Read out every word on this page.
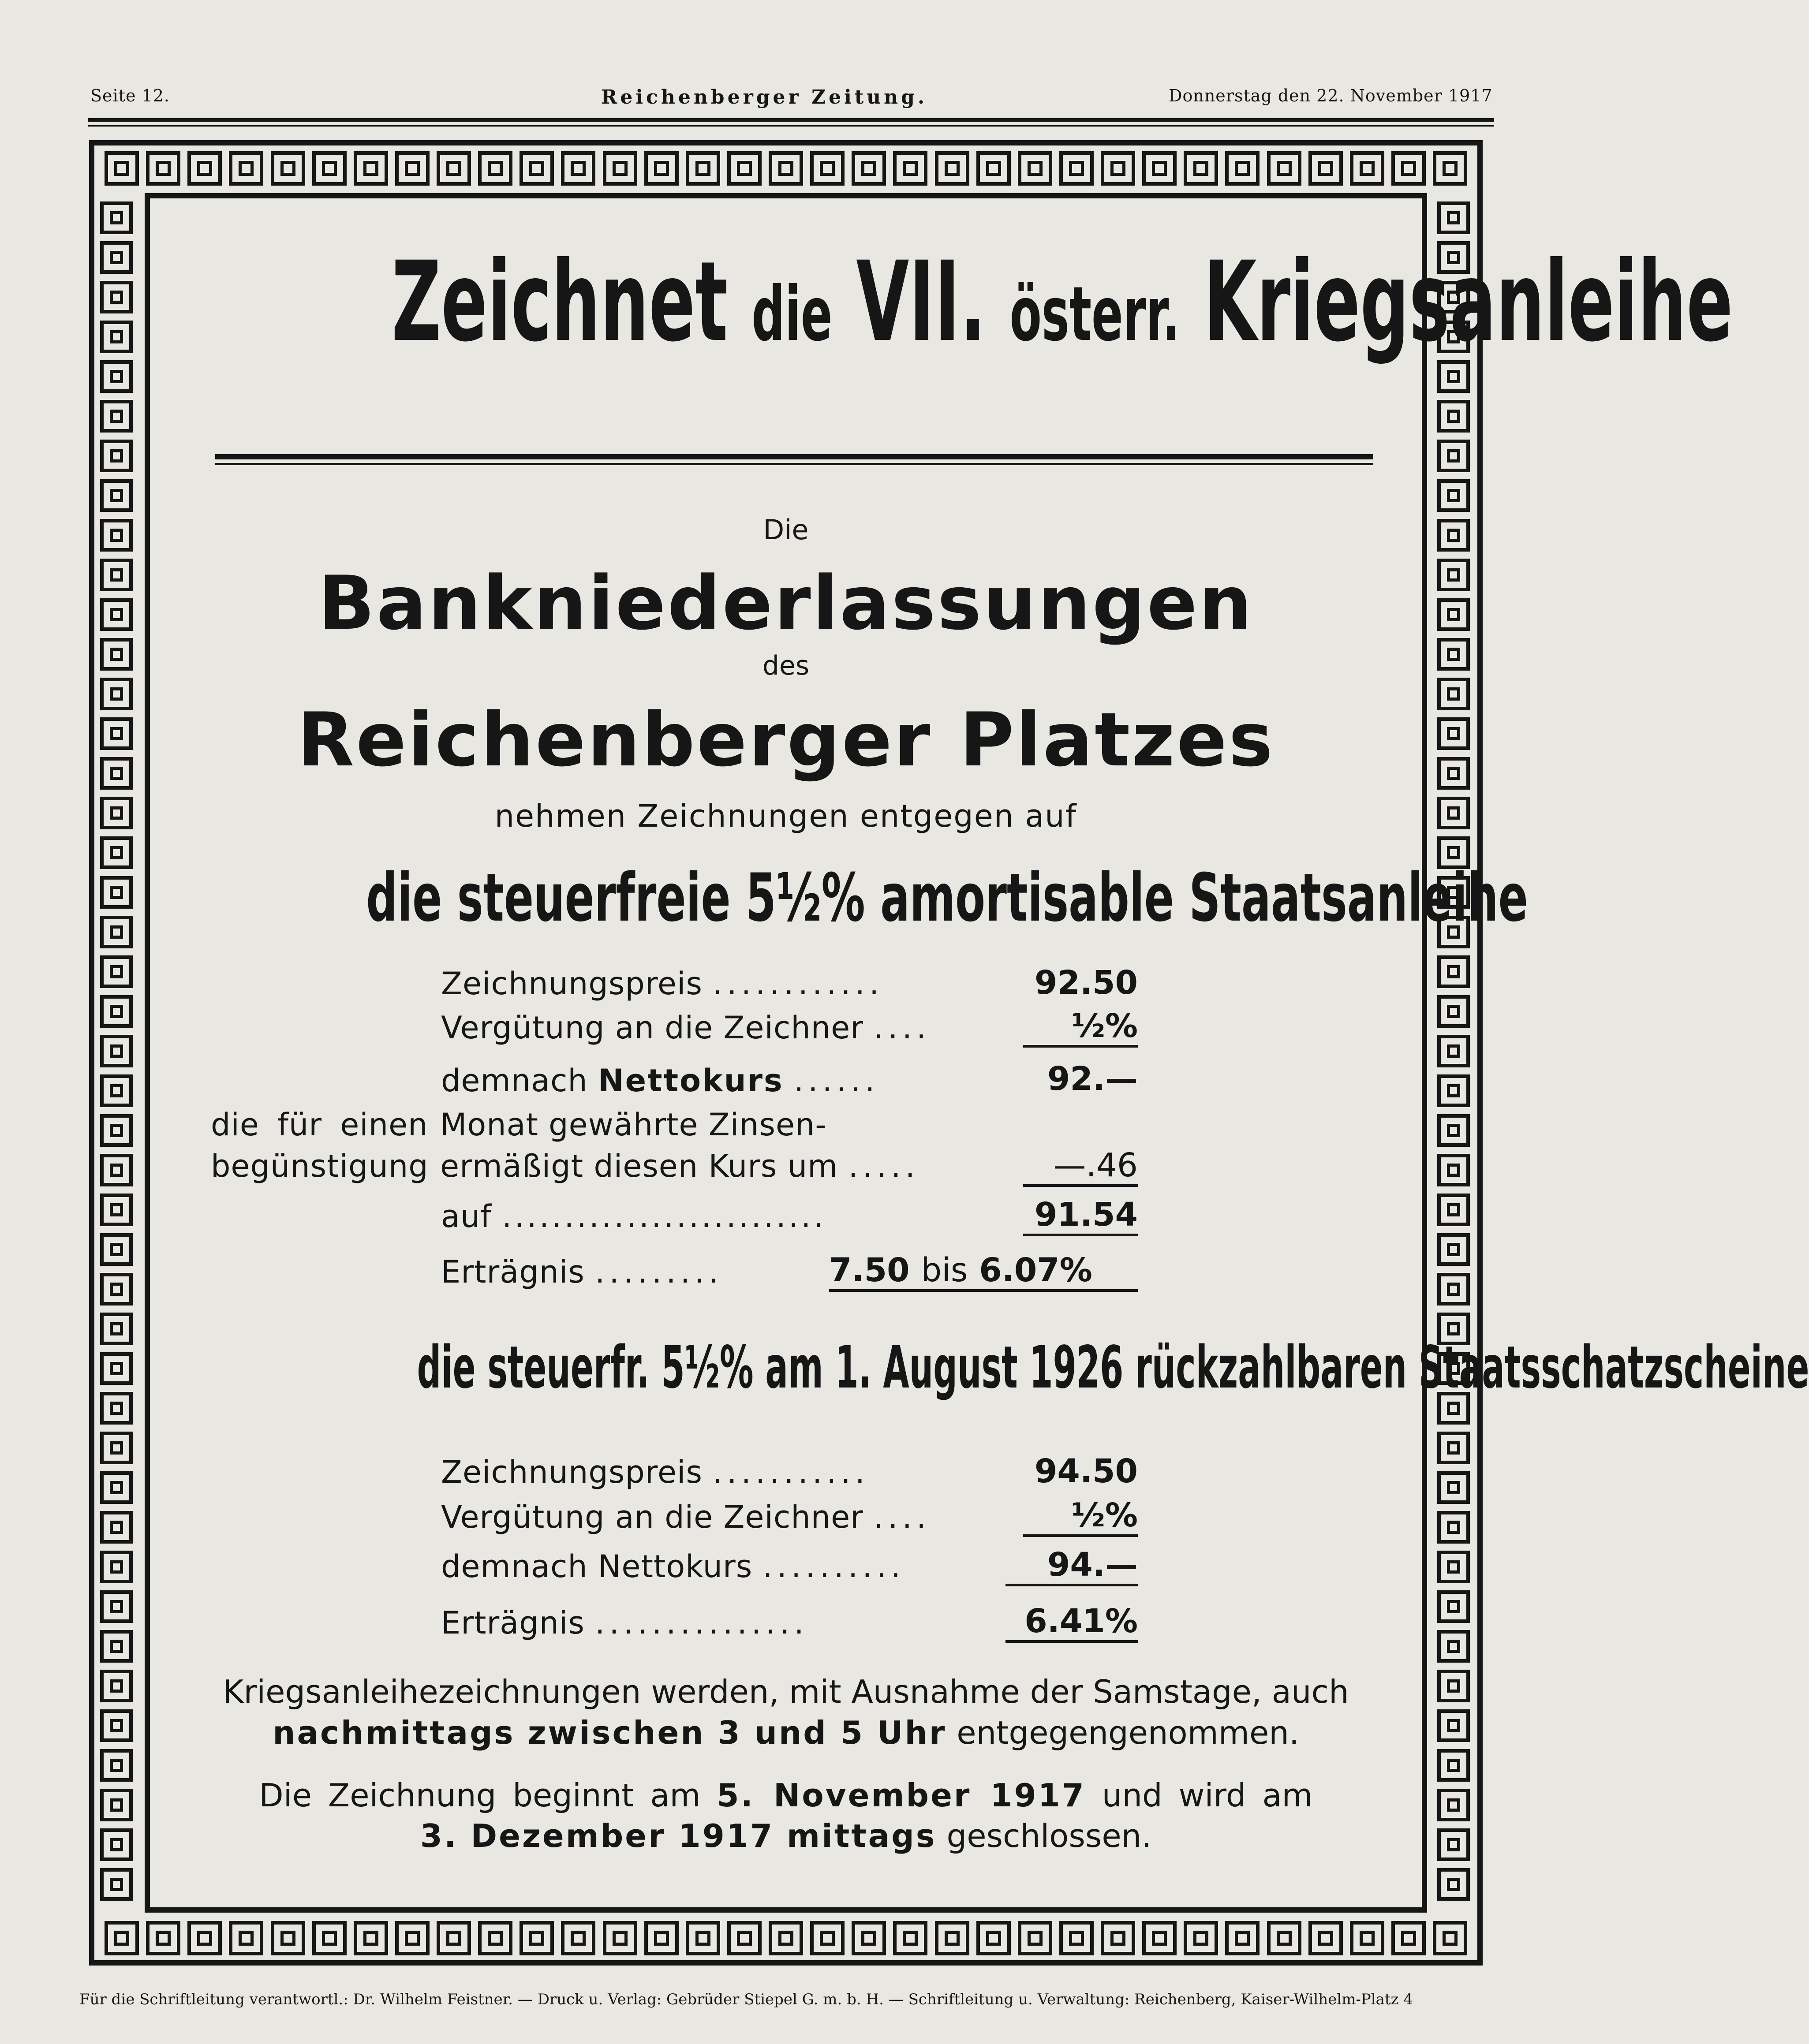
Seite 12.	Reichenberger Zeitung.	Donnerstag den 22. November 1917
Zeichnet die VII. österr. Kriegsanleihe
Die
Bankniederlassungen
des
Reichenberger Platzes
nehmen Zeichnungen entgegen auf
die steuerfreie 5½% amortisable Staatsanleihe
Zeichnungspreis ............	92.50
Vergütung an die Zeichner ....	½%
demnach Nettokurs ......	92.—
die für einen Monat gewährte Zinsen-
begünstigung ermäßigt diesen Kurs um .....	—.46
auf ..........................	91.54
Erträgnis .........	7.50 bis 6.07%
die steuerfr. 5½% am 1. August 1926 rückzahlbaren Staatsschatzscheine
Zeichnungspreis ...........	94.50
Vergütung an die Zeichner ....	½%
demnach Nettokurs ..........	94.—
Erträgnis ...............	6.41%
Kriegsanleihezeichnungen werden, mit Ausnahme der Samstage, auch
nachmittags zwischen 3 und 5 Uhr entgegengenommen.
Die Zeichnung beginnt am 5. November 1917 und wird am
3. Dezember 1917 mittags geschlossen.
Für die Schriftleitung verantwortl.: Dr. Wilhelm Feistner. — Druck u. Verlag: Gebrüder Stiepel G. m. b. H. — Schriftleitung u. Verwaltung: Reichenberg, Kaiser-Wilhelm-Platz 4
